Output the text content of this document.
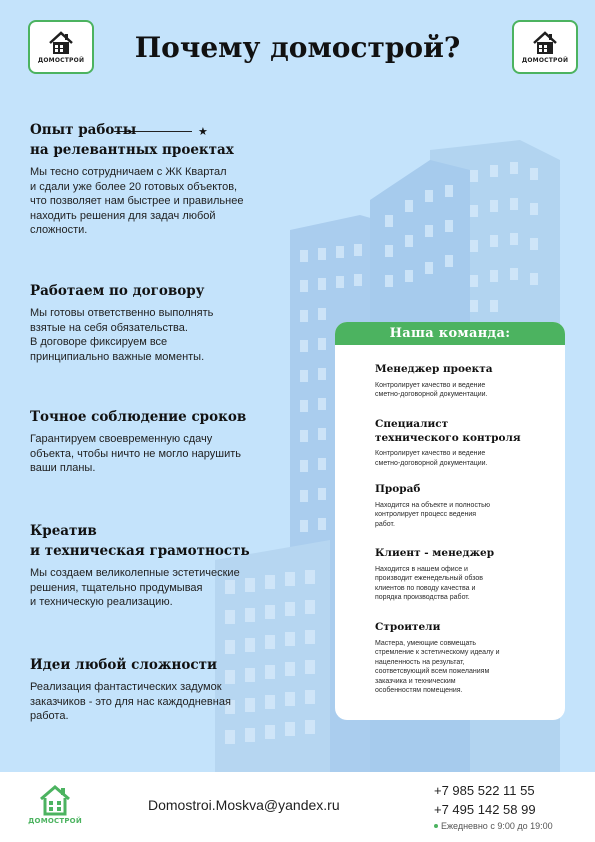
ДОМОСТРОЙ	Почему домострой?	ДОМОСТРОЙ
★
Опыт работы
на релевантных проектах
Мы тесно сотрудничаем с ЖК Квартал
и сдали уже более 20 готовых объектов,
что позволяет нам быстрее и правильнее
находить решения для задач любой
сложности.
Работаем по договору
Мы готовы ответственно выполнять
взятые на себя обязательства.
В договоре фиксируем все
принципиально важные моменты.
Точное соблюдение сроков
Гарантируем своевременную сдачу
объекта, чтобы ничто не могло нарушить
ваши планы.
Креатив
и техническая грамотность
Мы создаем великолепные эстетические
решения, тщательно продумывая
и техническую реализацию.
Идеи любой сложности
Реализация фантастических задумок
заказчиков - это для нас каждодневная
работа.
Наша команда:
Менеджер проекта
Контролирует качество и ведение
сметно-договорной документации.
Специалист
технического контроля
Контролирует качество и ведение
сметно-договорной документации.
Прораб
Находится на объекте и полностью
контролирует процесс ведения
работ.
Клиент - менеджер
Находится в нашем офисе и
производит еженедельный обзов
клиентов по поводу качества и
порядка производства работ.
Строители
Мастера, умеющие совмещать
стремление к эстетическому идеалу и
нацеленность на результат,
соответсвующий всем пожеланиям
заказчика и техническим
особенностям помещения.
ДОМОСТРОЙ
Domostroi.Moskva@yandex.ru
+7 985 522 11 55
+7 495 142 58 99
Ежедневно с 9:00 до 19:00
